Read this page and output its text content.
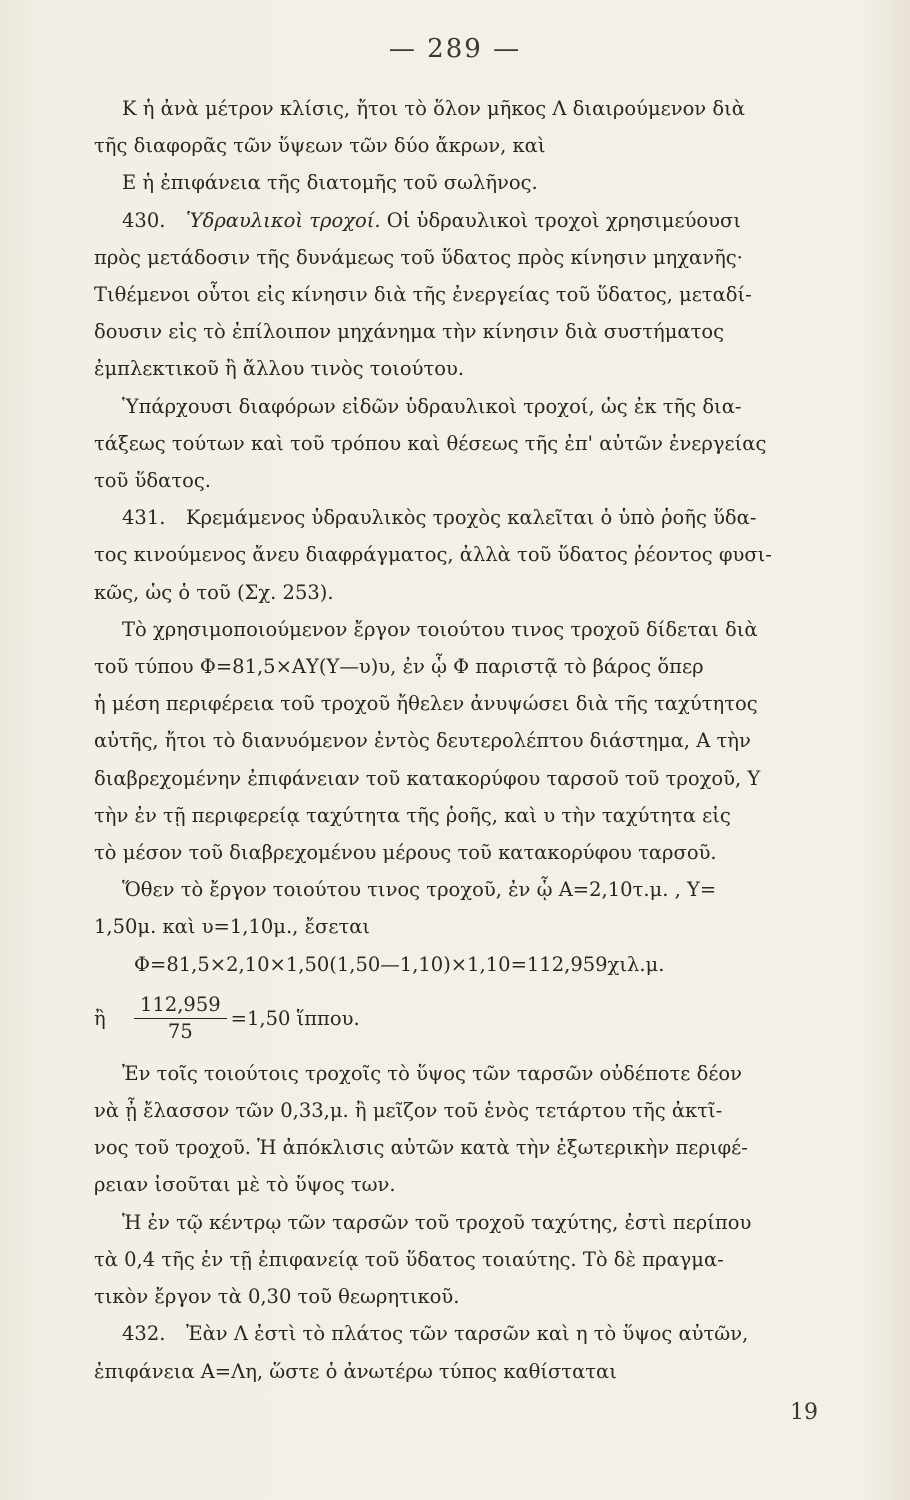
— 289 —

Κ ἡ ἀνὰ μέτρον κλίσις, ἤτοι τὸ ὅλον μῆκος Λ διαιρούμενον διὰ
τῆς διαφορᾶς τῶν ὕψεων τῶν δύο ἄκρων, καὶ
Ε ἡ ἐπιφάνεια τῆς διατομῆς τοῦ σωλῆνος.

430. Ὑδραυλικοὶ τροχοί. Οἱ ὑδραυλικοὶ τροχοὶ χρησιμεύουσι
πρὸς μετάδοσιν τῆς δυνάμεως τοῦ ὕδατος πρὸς κίνησιν μηχανῆς·
Τιθέμενοι οὗτοι εἰς κίνησιν διὰ τῆς ἐνεργείας τοῦ ὕδατος, μεταδί-
δουσιν εἰς τὸ ἐπίλοιπον μηχάνημα τὴν κίνησιν διὰ συστήματος
ἐμπλεκτικοῦ ἢ ἄλλου τινὸς τοιούτου.
Ὑπάρχουσι διαφόρων εἰδῶν ὑδραυλικοὶ τροχοί, ὡς ἐκ τῆς δια-
τάξεως τούτων καὶ τοῦ τρόπου καὶ θέσεως τῆς ἐπ' αὐτῶν ἐνεργείας
τοῦ ὕδατος.

431. Κρεμάμενος ὑδραυλικὸς τροχὸς καλεῖται ὁ ὑπὸ ῥοῆς ὕδα-
τος κινούμενος ἄνευ διαφράγματος, ἀλλὰ τοῦ ὕδατος ῥέοντος φυσι-
κῶς, ὡς ὁ τοῦ (Σχ. 253).
Τὸ χρησιμοποιούμενον ἔργον τοιούτου τινος τροχοῦ δίδεται διὰ
τοῦ τύπου Φ=81,5×ΑΥ(Υ—υ)υ, ἐν ᾧ Φ παριστᾷ τὸ βάρος ὅπερ
ἡ μέση περιφέρεια τοῦ τροχοῦ ἤθελεν ἀνυψώσει διὰ τῆς ταχύτητος
αὐτῆς, ἤτοι τὸ διανυόμενον ἐντὸς δευτερολέπτου διάστημα, Α τὴν
διαβρεχομένην ἐπιφάνειαν τοῦ κατακορύφου ταρσοῦ τοῦ τροχοῦ, Υ
τὴν ἐν τῇ περιφερείᾳ ταχύτητα τῆς ῥοῆς, καὶ υ τὴν ταχύτητα εἰς
τὸ μέσον τοῦ διαβρεχομένου μέρους τοῦ κατακορύφου ταρσοῦ.
Ὅθεν τὸ ἔργον τοιούτου τινος τροχοῦ, ἐν ᾧ Α=2,10τ.μ. , Υ=
1,50μ. καὶ υ=1,10μ., ἔσεται
Φ=81,5×2,10×1,50(1,50—1,10)×1,10=112,959χιλ.μ.
ἢ	$\frac{112,959}{75} =1,50$ ἵππου.
Ἐν τοῖς τοιούτοις τροχοῖς τὸ ὕψος τῶν ταρσῶν οὐδέποτε δέον
νὰ ᾖ ἔλασσον τῶν 0,33,μ. ἢ μεῖζον τοῦ ἑνὸς τετάρτου τῆς ἀκτῖ-
νος τοῦ τροχοῦ. Ἡ ἀπόκλισις αὐτῶν κατὰ τὴν ἐξωτερικὴν περιφέ-
ρειαν ἰσοῦται μὲ τὸ ὕψος των.
Ἡ ἐν τῷ κέντρῳ τῶν ταρσῶν τοῦ τροχοῦ ταχύτης, ἐστὶ περίπου
τὰ 0,4 τῆς ἐν τῇ ἐπιφανείᾳ τοῦ ὕδατος τοιαύτης. Τὸ δὲ πραγμα-
τικὸν ἔργον τὰ 0,30 τοῦ θεωρητικοῦ.

432. Ἐὰν Λ ἐστὶ τὸ πλάτος τῶν ταρσῶν καὶ η τὸ ὕψος αὐτῶν,
ἐπιφάνεια Α=Λη, ὥστε ὁ ἀνωτέρω τύπος καθίσταται

19
